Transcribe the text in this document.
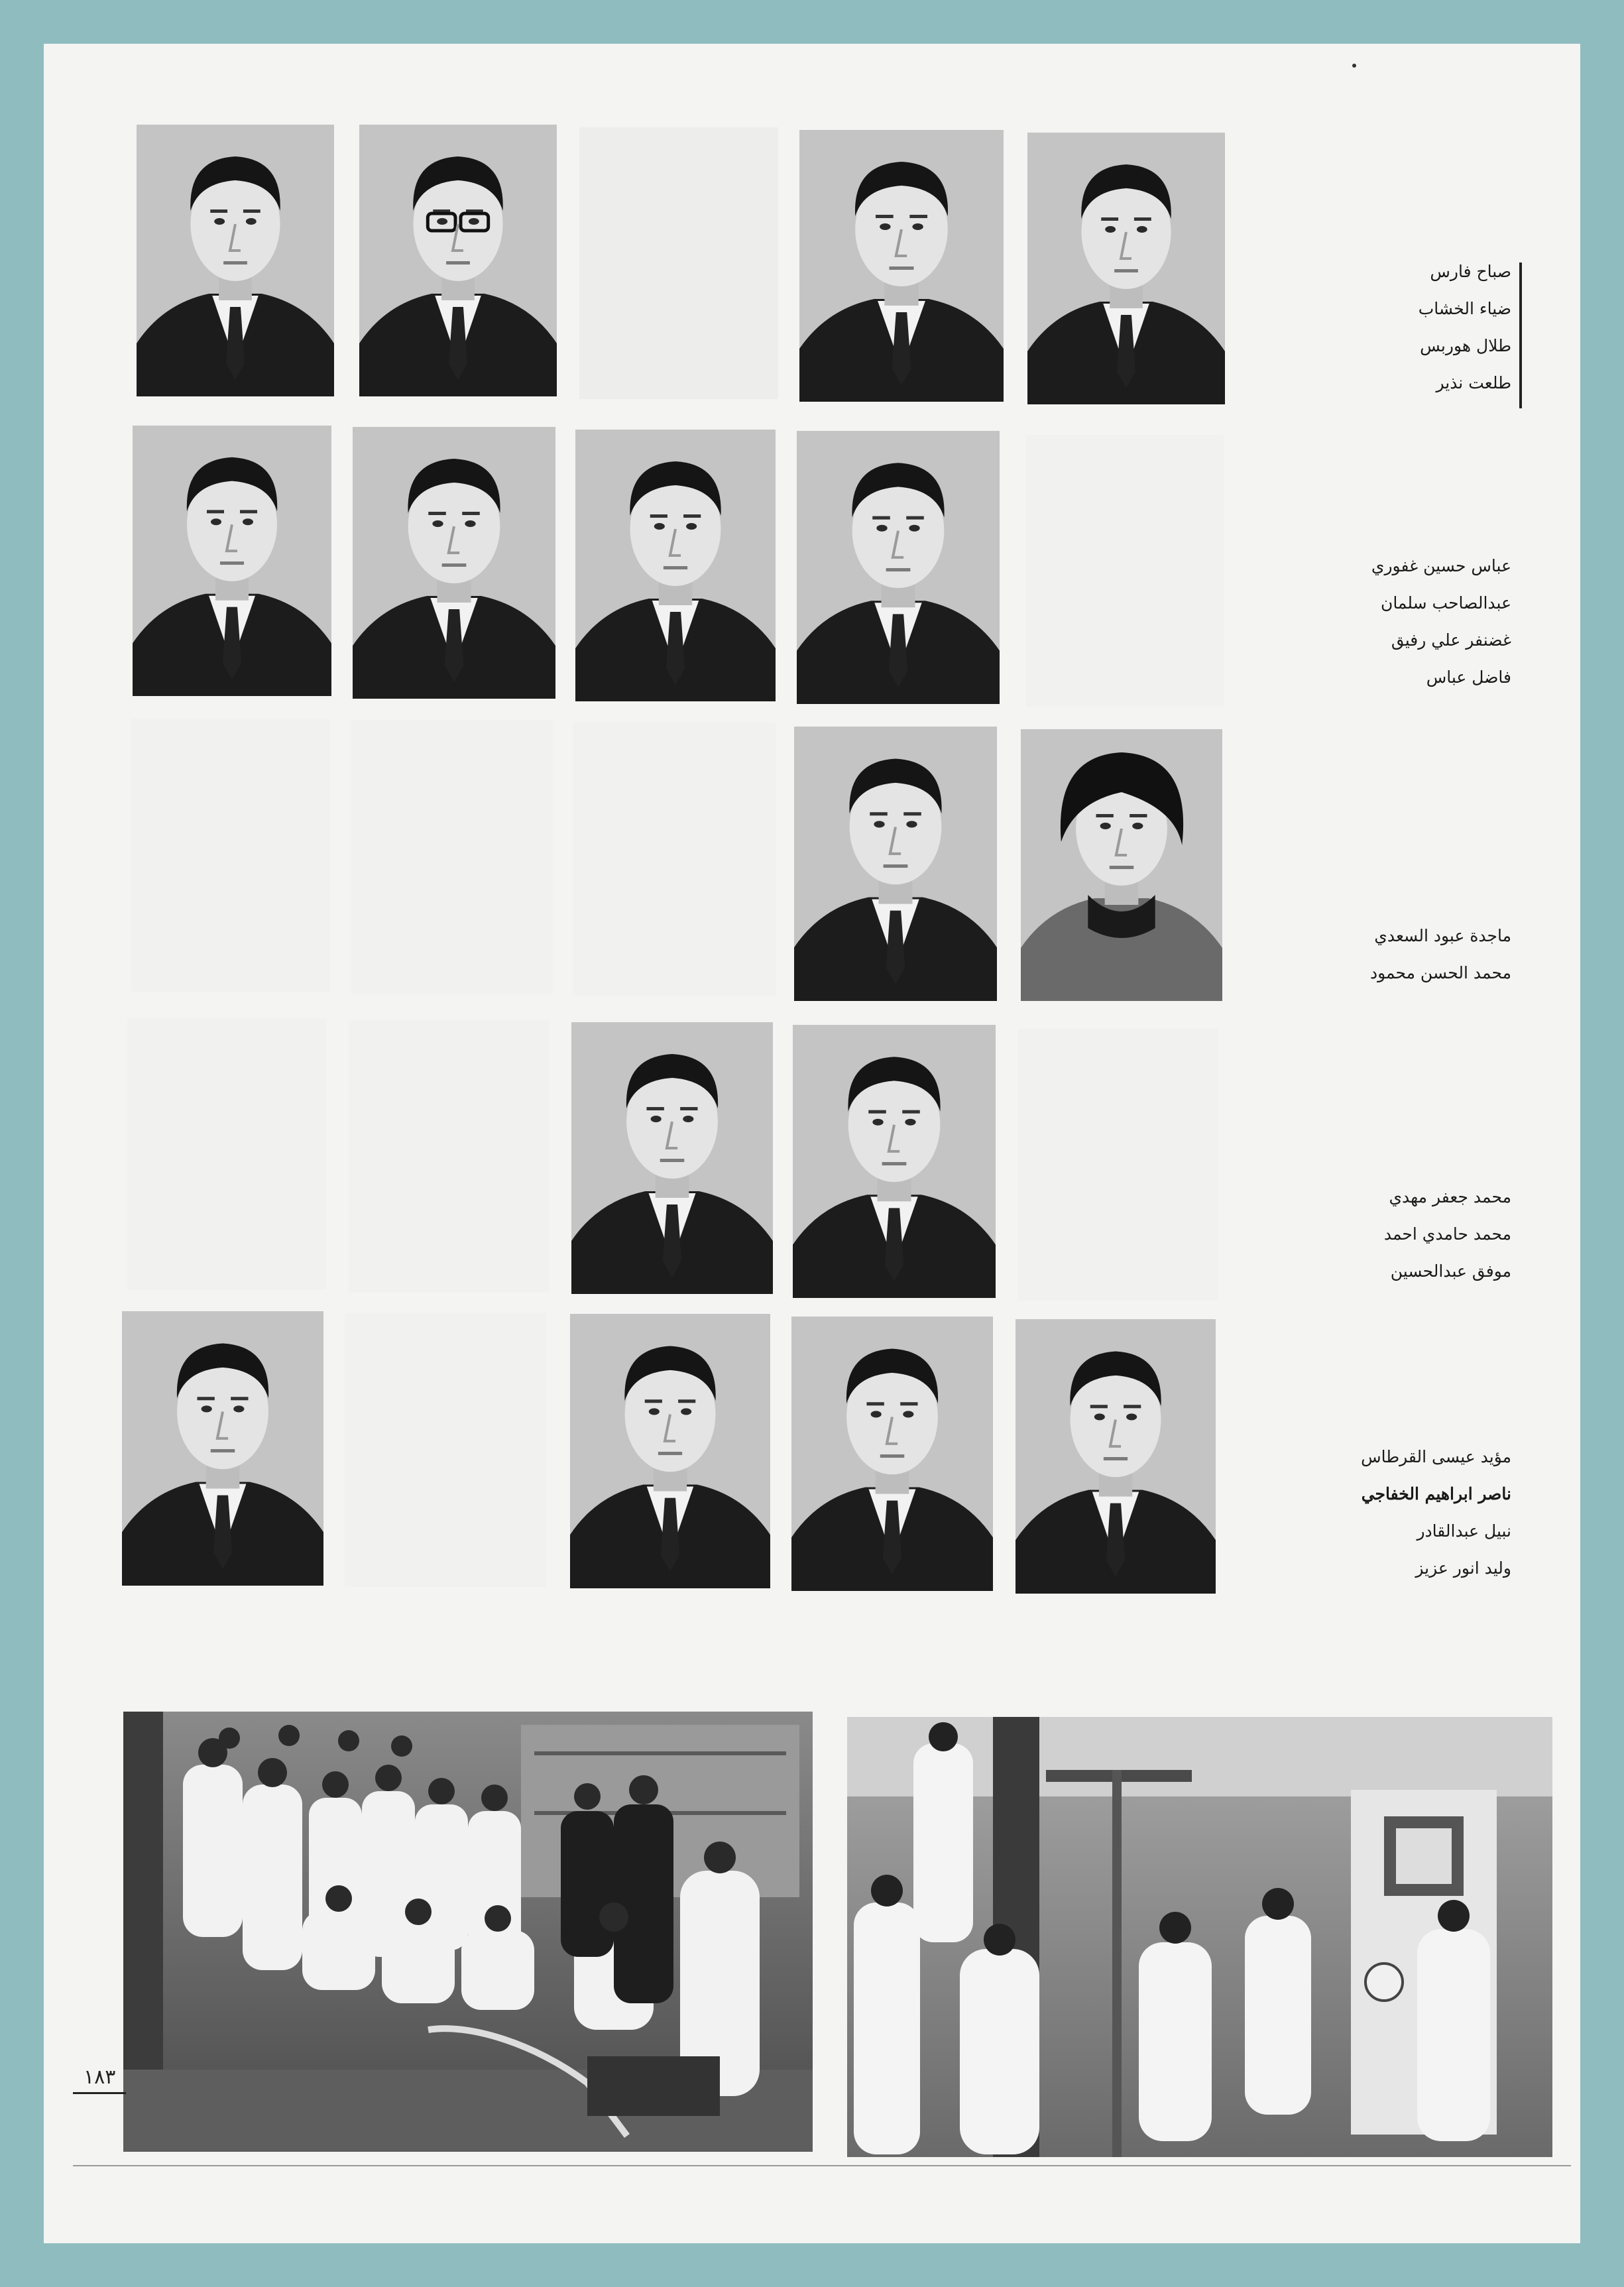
صباح فارس
ضياء الخشاب
طلال هوربس
طلعت نذير
عباس حسين غفوري
عبدالصاحب سلمان
غضنفر علي رفيق
فاضل عباس
ماجدة عبود السعدي
محمد الحسن محمود
محمد جعفر مهدي
محمد حامدي احمد
موفق عبدالحسين
مؤيد عيسى القرطاس
ناصر ابراهيم الخفاجي
نبيل عبدالقادر
وليد انور عزيز
١٨٣
